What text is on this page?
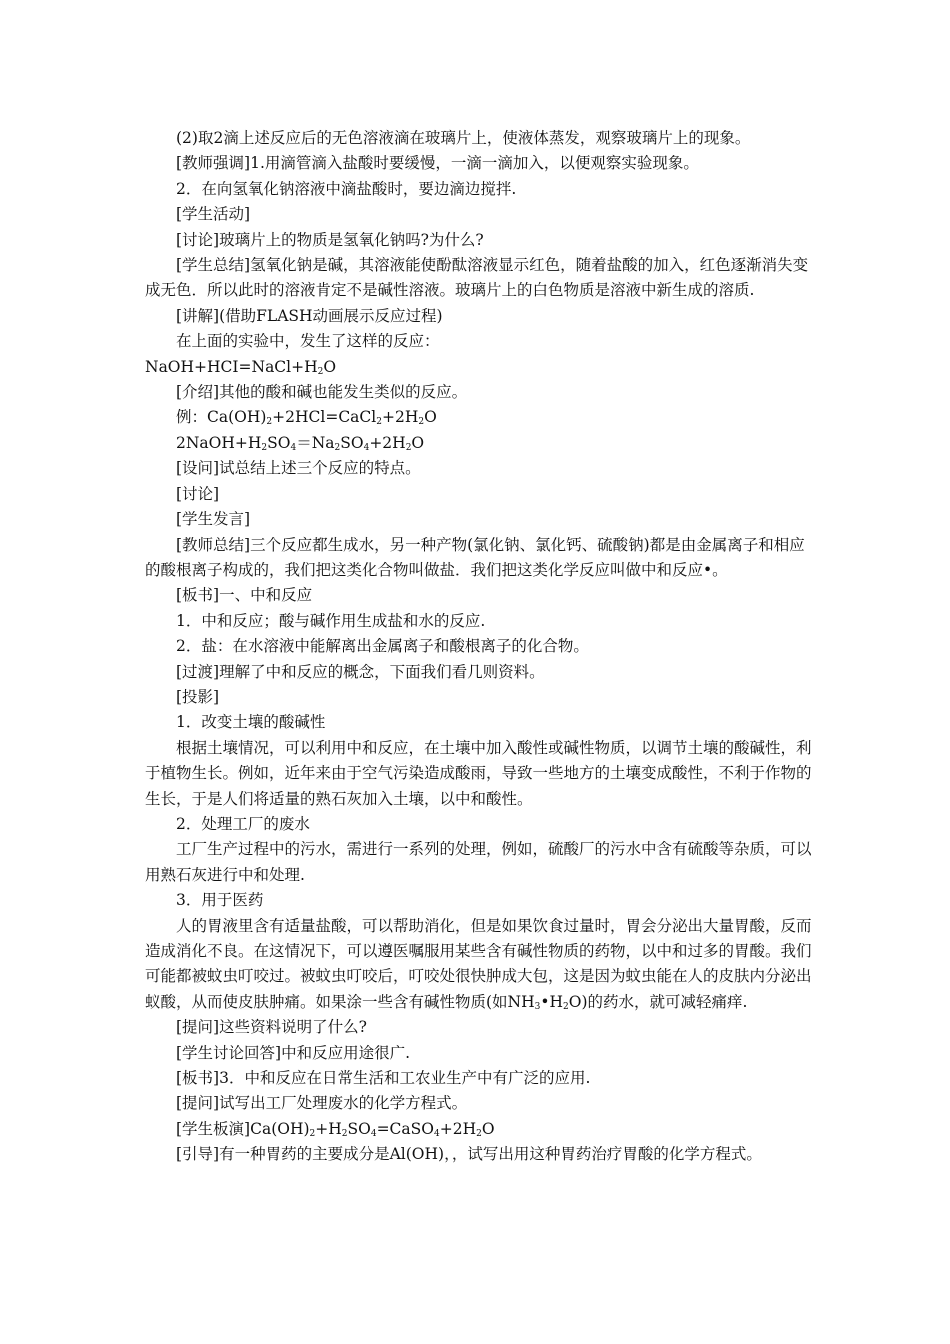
(2)取2滴上述反应后的无色溶液滴在玻璃片上，使液体蒸发，观察玻璃片上的现象。

[教师强调]1.用滴管滴入盐酸时要缓慢，一滴一滴加入，以便观察实验现象。

2．在向氢氧化钠溶液中滴盐酸时，要边滴边搅拌.

[学生活动]

[讨论]玻璃片上的物质是氢氧化钠吗?为什么?

[学生总结]氢氧化钠是碱，其溶液能使酚酞溶液显示红色，随着盐酸的加入，红色逐渐消失变成无色．所以此时的溶液肯定不是碱性溶液。玻璃片上的白色物质是溶液中新生成的溶质.

[讲解](借助FLASH动画展示反应过程)

在上面的实验中，发生了这样的反应：

$NaOH+HCI=NaCl+H_2O$

[介绍]其他的酸和碱也能发生类似的反应。

例：$Ca(OH)_2+2HCl=CaCl_2+2H_2O$

$2NaOH+H_2SO_4=Na_2SO_4+2H_2O$

[设问]试总结上述三个反应的特点。

[讨论]

[学生发言]

[教师总结]三个反应都生成水，另一种产物(氯化钠、氯化钙、硫酸钠)都是由金属离子和相应的酸根离子构成的，我们把这类化合物叫做盐．我们把这类化学反应叫做中和反应•。

[板书]一、中和反应

1．中和反应；酸与碱作用生成盐和水的反应.

2．盐：在水溶液中能解离出金属离子和酸根离子的化合物。

[过渡]理解了中和反应的概念，下面我们看几则资料。

[投影]

1．改变土壤的酸碱性

根据土壤情况，可以利用中和反应，在土壤中加入酸性或碱性物质，以调节土壤的酸碱性，利于植物生长。例如，近年来由于空气污染造成酸雨，导致一些地方的土壤变成酸性，不利于作物的生长，于是人们将适量的熟石灰加入土壤，以中和酸性。

2．处理工厂的废水

工厂生产过程中的污水，需进行一系列的处理，例如，硫酸厂的污水中含有硫酸等杂质，可以用熟石灰进行中和处理.

3．用于医药

人的胃液里含有适量盐酸，可以帮助消化，但是如果饮食过量时，胃会分泌出大量胃酸，反而造成消化不良。在这情况下，可以遵医嘱服用某些含有碱性物质的药物，以中和过多的胃酸。我们可能都被蚊虫叮咬过。被蚊虫叮咬后，叮咬处很快肿成大包，这是因为蚊虫能在人的皮肤内分泌出蚁酸，从而使皮肤肿痛。如果涂一些含有碱性物质(如$NH_3•H_2O$)的药水，就可减轻痛痒.

[提问]这些资料说明了什么?

[学生讨论回答]中和反应用途很广.

[板书]3．中和反应在日常生活和工农业生产中有广泛的应用.

[提问]试写出工厂处理废水的化学方程式。

[学生板演]$Ca(OH)_2+H_2SO_4=CaSO_4+2H_2O$

[引导]有一种胃药的主要成分是Al(OH)，，试写出用这种胃药治疗胃酸的化学方程式。
